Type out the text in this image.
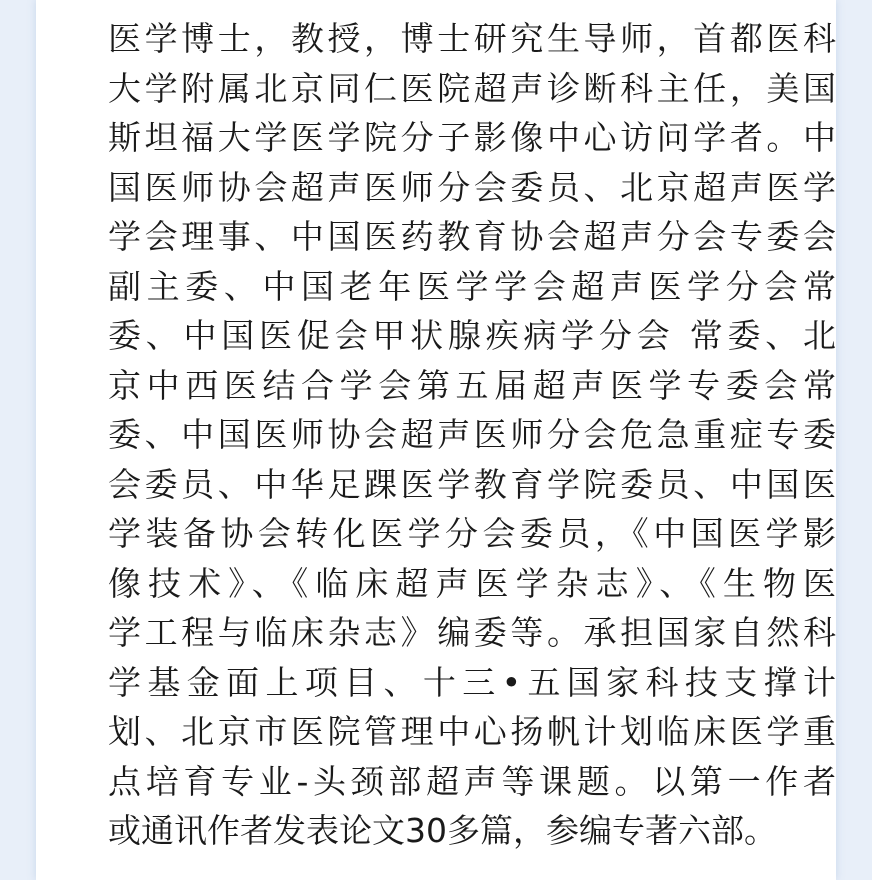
医学博士，教授，博士研究生导师，首都医科
大学附属北京同仁医院超声诊断科主任，美国
斯坦福大学医学院分子影像中心访问学者。中
国医师协会超声医师分会委员、北京超声医学
学会理事、中国医药教育协会超声分会专委会
副主委、中国老年医学学会超声医学分会常
委、中国医促会甲状腺疾病学分会 常委、北
京中西医结合学会第五届超声医学专委会常
委、中国医师协会超声医师分会危急重症专委
会委员、中华足踝医学教育学院委员、中国医
学装备协会转化医学分会委员，《中国医学影
像技术》、《临床超声医学杂志》、《生物医
学工程与临床杂志》编委等。承担国家自然科
学基金面上项目、十三•五国家科技支撑计
划、北京市医院管理中心扬帆计划临床医学重
点培育专业-头颈部超声等课题。以第一作者
或通讯作者发表论文30多篇，参编专著六部。
